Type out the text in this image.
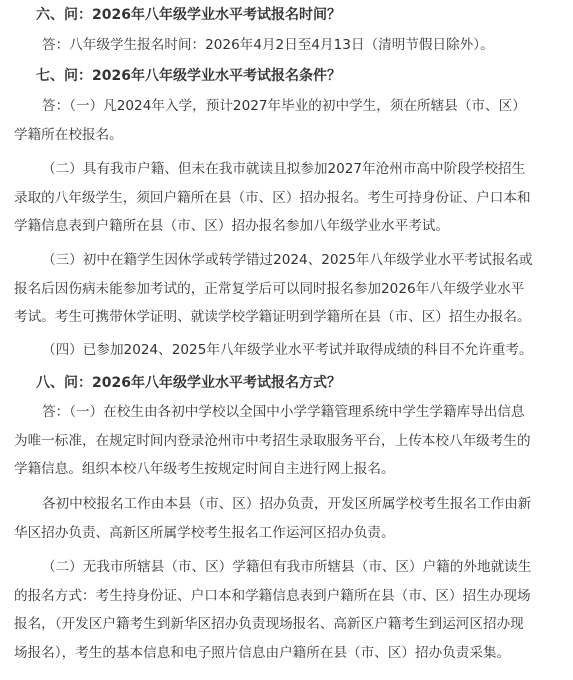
六、问：2026年八年级学业水平考试报名时间？
答：八年级学生报名时间：2026年4月2日至4月13日（清明节假日除外）。
七、问：2026年八年级学业水平考试报名条件？
答：（一）凡2024年入学，预计2027年毕业的初中学生，须在所辖县（市、区）
学籍所在校报名。
（二）具有我市户籍、但未在我市就读且拟参加2027年沧州市高中阶段学校招生
录取的八年级学生，须回户籍所在县（市、区）招办报名。考生可持身份证、户口本和
学籍信息表到户籍所在县（市、区）招办报名参加八年级学业水平考试。
（三）初中在籍学生因休学或转学错过2024、2025年八年级学业水平考试报名或
报名后因伤病未能参加考试的，正常复学后可以同时报名参加2026年八年级学业水平
考试。考生可携带休学证明、就读学校学籍证明到学籍所在县（市、区）招生办报名。
（四）已参加2024、2025年八年级学业水平考试并取得成绩的科目不允许重考。
八、问：2026年八年级学业水平考试报名方式？
答：（一）在校生由各初中学校以全国中小学学籍管理系统中学生学籍库导出信息
为唯一标准，在规定时间内登录沧州市中考招生录取服务平台，上传本校八年级考生的
学籍信息。组织本校八年级考生按规定时间自主进行网上报名。
各初中校报名工作由本县（市、区）招办负责，开发区所属学校考生报名工作由新
华区招办负责、高新区所属学校考生报名工作运河区招办负责。
（二）无我市所辖县（市、区）学籍但有我市所辖县（市、区）户籍的外地就读生
的报名方式：考生持身份证、户口本和学籍信息表到户籍所在县（市、区）招生办现场
报名，（开发区户籍考生到新华区招办负责现场报名、高新区户籍考生到运河区招办现
场报名），考生的基本信息和电子照片信息由户籍所在县（市、区）招办负责采集。
